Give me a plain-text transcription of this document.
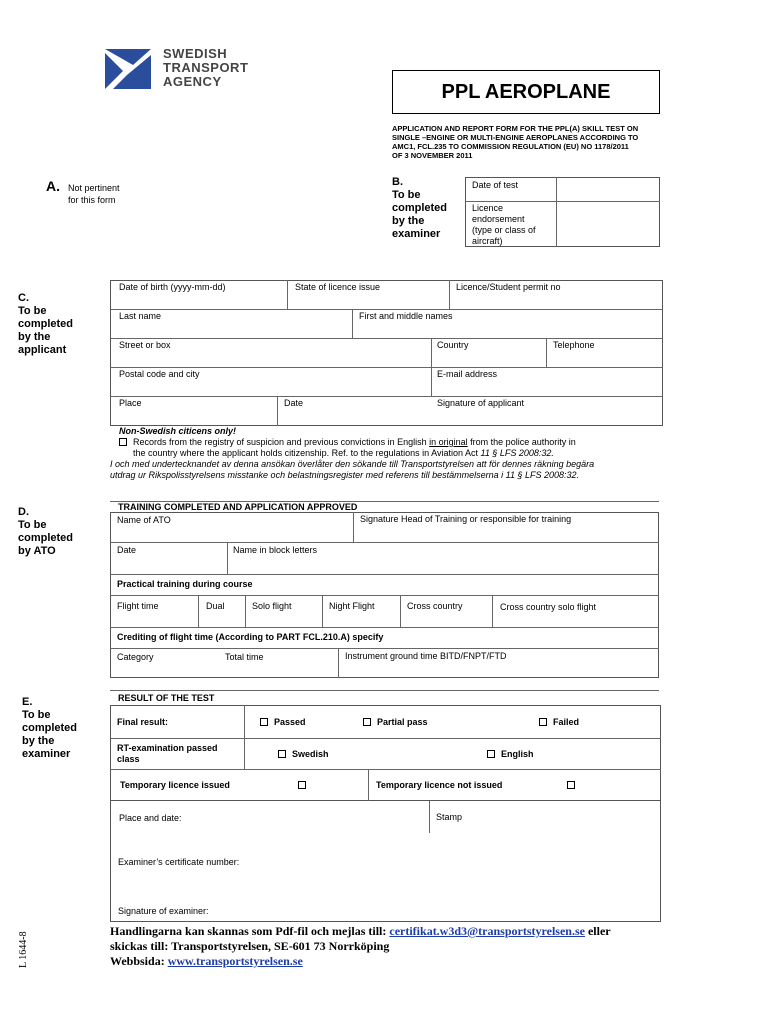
SWEDISH
TRANSPORT
AGENCY	PPL AEROPLANE
APPLICATION AND REPORT FORM FOR THE PPL(A) SKILL TEST ON
SINGLE –ENGINE OR MULTI-ENGINE AEROPLANES ACCORDING TO
AMC1, FCL.235 TO COMMISSION REGULATION (EU) NO 1178/2011
OF 3 NOVEMBER 2011
A. Not pertinent
for this form
B.
To be
completed
by the
examiner
Date of test
Licence
endorsement
(type or class of
aircraft)
C.
To be
completed
by the
applicant
Date of birth (yyyy-mm-dd)	State of licence issue	Licence/Student permit no
Last name	First and middle names
Street or box	Country	Telephone
Postal code and city	E-mail address
Place	Date	Signature of applicant
Non-Swedish citicens only!
Records from the registry of suspicion and previous convictions in English in original from the police authority in
the country where the applicant holds citizenship. Ref. to the regulations in Aviation Act 11 § LFS 2008:32.
I och med undertecknandet av denna ansökan överlåter den sökande till Transportstyrelsen att för dennes räkning begära
utdrag ur Rikspolisstyrelsens misstanke och belastningsregister med referens till bestämmelserna i 11 § LFS 2008:32.
D.
To be
completed
by ATO
TRAINING COMPLETED AND APPLICATION APPROVED
Name of ATO	Signature Head of Training or responsible for training
Date	Name in block letters
Practical training during course
Flight time	Dual	Solo flight	Night Flight	Cross country	Cross country solo flight
Crediting of flight time (According to PART FCL.210.A) specify
Category	Total time	Instrument ground time BITD/FNPT/FTD
E.
To be
completed
by the
examiner
RESULT OF THE TEST
Final result:	Passed	Partial pass	Failed
RT-examination passed
class	Swedish	English
Temporary licence issued	Temporary licence not issued
Place and date:	Stamp
Examiner’s certificate number:
Signature of examiner:
L 1644-8
Handlingarna kan skannas som Pdf-fil och mejlas till: certifikat.w3d3@transportstyrelsen.se eller
skickas till: Transportstyrelsen, SE-601 73 Norrköping
Webbsida: www.transportstyrelsen.se
